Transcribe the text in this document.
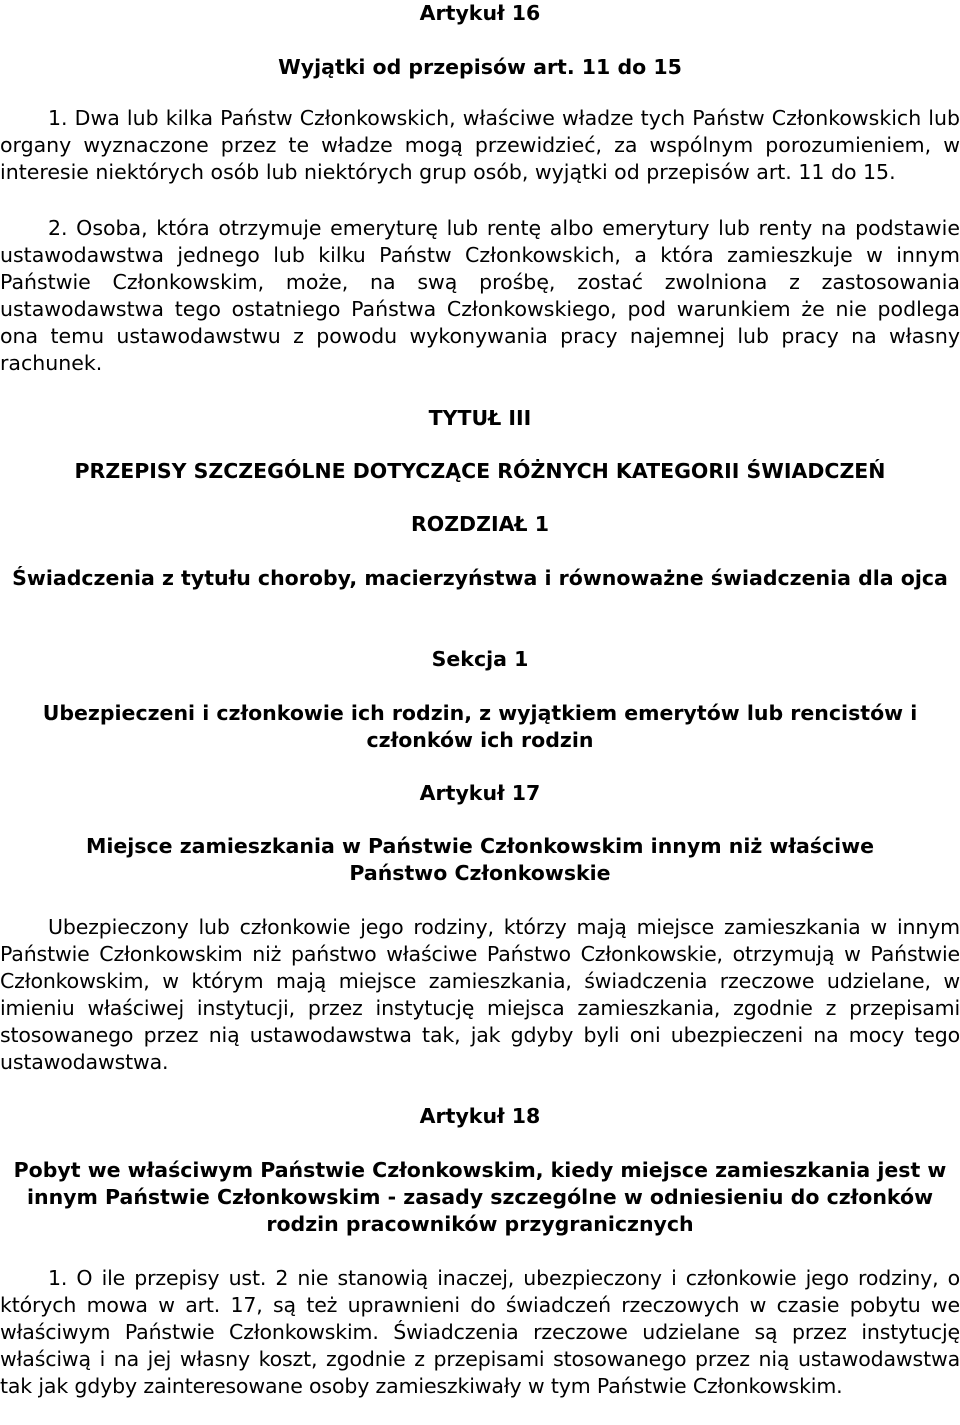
Artykuł 16
Wyjątki od przepisów art. 11 do 15
1. Dwa lub kilka Państw Członkowskich, właściwe władze tych Państw Członkowskich lub organy wyznaczone przez te władze mogą przewidzieć, za wspólnym porozumieniem, w interesie niektórych osób lub niektórych grup osób, wyjątki od przepisów art. 11 do 15.
2. Osoba, która otrzymuje emeryturę lub rentę albo emerytury lub renty na podstawie ustawodawstwa jednego lub kilku Państw Członkowskich, a która zamieszkuje w innym Państwie Członkowskim, może, na swą prośbę, zostać zwolniona z zastosowania ustawodawstwa tego ostatniego Państwa Członkowskiego, pod warunkiem że nie podlega ona temu ustawodawstwu z powodu wykonywania pracy najemnej lub pracy na własny rachunek.
TYTUŁ III
PRZEPISY SZCZEGÓLNE DOTYCZĄCE RÓŻNYCH KATEGORII ŚWIADCZEŃ
ROZDZIAŁ 1
Świadczenia z tytułu choroby, macierzyństwa i równoważne świadczenia dla ojca
Sekcja 1
Ubezpieczeni i członkowie ich rodzin, z wyjątkiem emerytów lub rencistów i członków ich rodzin
Artykuł 17
Miejsce zamieszkania w Państwie Członkowskim innym niż właściwe Państwo Członkowskie
Ubezpieczony lub członkowie jego rodziny, którzy mają miejsce zamieszkania w innym Państwie Członkowskim niż państwo właściwe Państwo Członkowskie, otrzymują w Państwie Członkowskim, w którym mają miejsce zamieszkania, świadczenia rzeczowe udzielane, w imieniu właściwej instytucji, przez instytucję miejsca zamieszkania, zgodnie z przepisami stosowanego przez nią ustawodawstwa tak, jak gdyby byli oni ubezpieczeni na mocy tego ustawodawstwa.
Artykuł 18
Pobyt we właściwym Państwie Członkowskim, kiedy miejsce zamieszkania jest w innym Państwie Członkowskim - zasady szczególne w odniesieniu do członków rodzin pracowników przygranicznych
1. O ile przepisy ust. 2 nie stanowią inaczej, ubezpieczony i członkowie jego rodziny, o których mowa w art. 17, są też uprawnieni do świadczeń rzeczowych w czasie pobytu we właściwym Państwie Członkowskim. Świadczenia rzeczowe udzielane są przez instytucję właściwą i na jej własny koszt, zgodnie z przepisami stosowanego przez nią ustawodawstwa tak jak gdyby zainteresowane osoby zamieszkiwały w tym Państwie Członkowskim.
